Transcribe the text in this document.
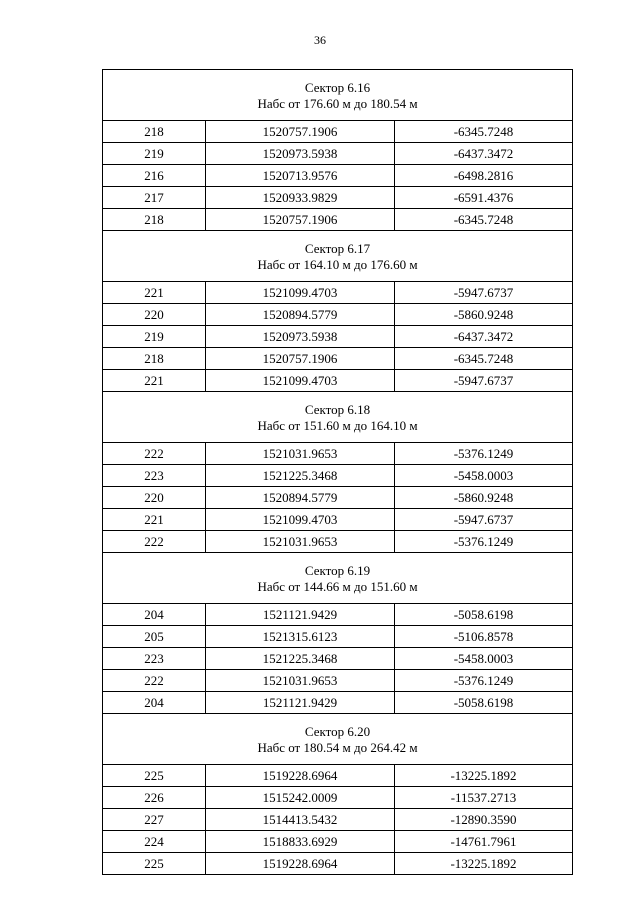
36
Сектор 6.16
Набс от 176.60 м до 180.54 м		

218	1520757.1906	-6345.7248
219	1520973.5938	-6437.3472
216	1520713.9576	-6498.2816
217	1520933.9829	-6591.4376
218	1520757.1906	-6345.7248

Сектор 6.17
Набс от 164.10 м до 176.60 м		

221	1521099.4703	-5947.6737
220	1520894.5779	-5860.9248
219	1520973.5938	-6437.3472
218	1520757.1906	-6345.7248
221	1521099.4703	-5947.6737

Сектор 6.18
Набс от 151.60 м до 164.10 м		

222	1521031.9653	-5376.1249
223	1521225.3468	-5458.0003
220	1520894.5779	-5860.9248
221	1521099.4703	-5947.6737
222	1521031.9653	-5376.1249

Сектор 6.19
Набс от 144.66 м до 151.60 м		

204	1521121.9429	-5058.6198
205	1521315.6123	-5106.8578
223	1521225.3468	-5458.0003
222	1521031.9653	-5376.1249
204	1521121.9429	-5058.6198

Сектор 6.20
Набс от 180.54 м до 264.42 м		

225	1519228.6964	-13225.1892
226	1515242.0009	-11537.2713
227	1514413.5432	-12890.3590
224	1518833.6929	-14761.7961
225	1519228.6964	-13225.1892
